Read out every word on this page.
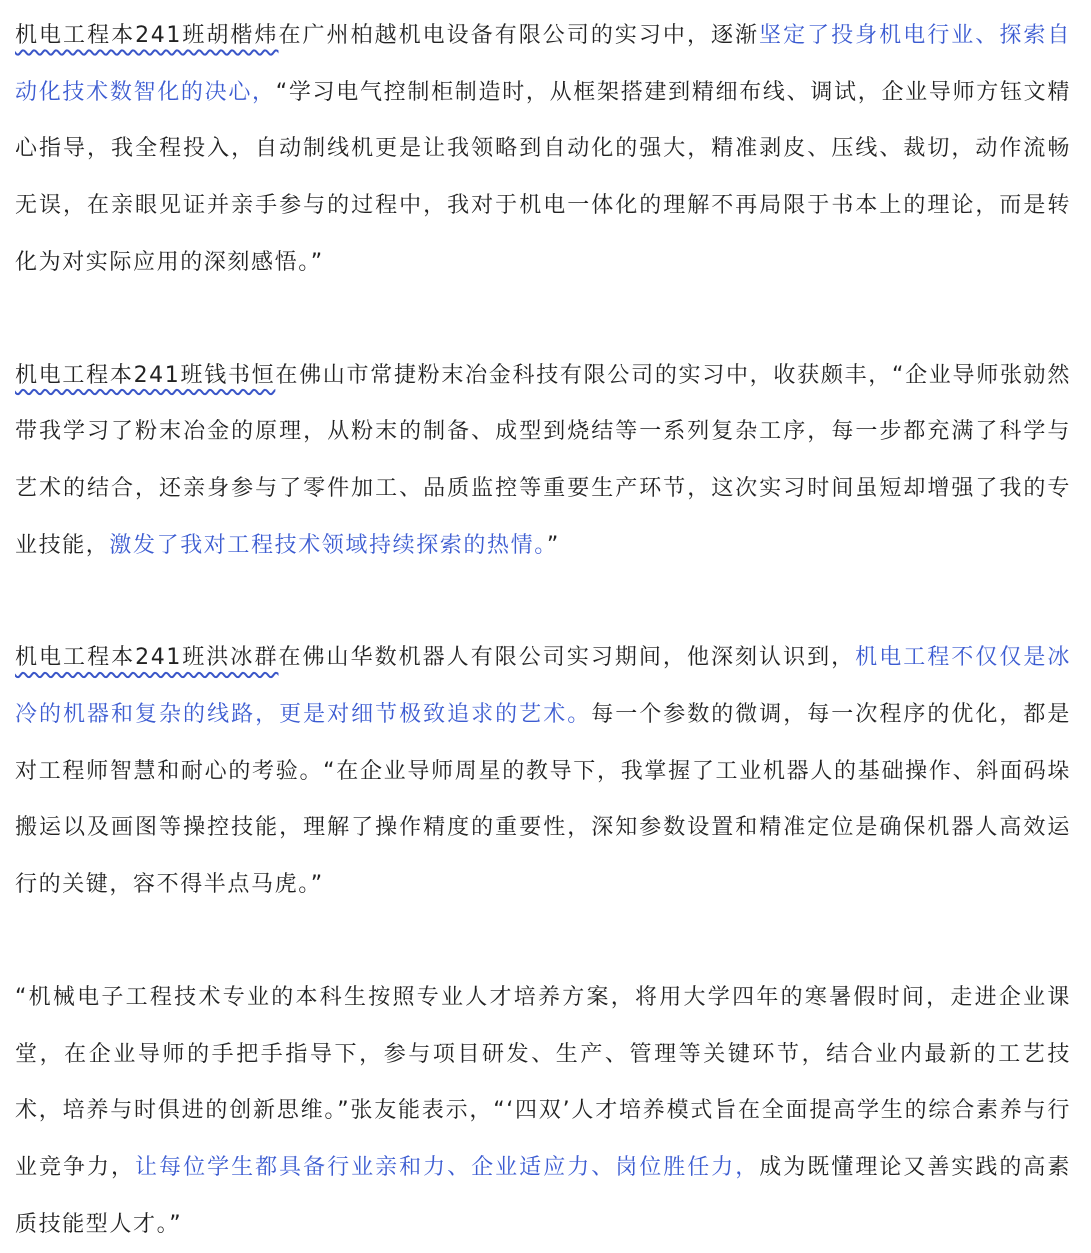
机电工程本241班胡楷炜在广州柏越机电设备有限公司的实习中，逐渐坚定了投身机电行业、探索自动化技术数智化的决心，“学习电气控制柜制造时，从框架搭建到精细布线、调试，企业导师方钰文精心指导，我全程投入，自动制线机更是让我领略到自动化的强大，精准剥皮、压线、裁切，动作流畅无误，在亲眼见证并亲手参与的过程中，我对于机电一体化的理解不再局限于书本上的理论，而是转化为对实际应用的深刻感悟。”

机电工程本241班钱书恒在佛山市常捷粉末冶金科技有限公司的实习中，收获颇丰，“企业导师张勍然带我学习了粉末冶金的原理，从粉末的制备、成型到烧结等一系列复杂工序，每一步都充满了科学与艺术的结合，还亲身参与了零件加工、品质监控等重要生产环节，这次实习时间虽短却增强了我的专业技能，激发了我对工程技术领域持续探索的热情。”

机电工程本241班洪冰群在佛山华数机器人有限公司实习期间，他深刻认识到，机电工程不仅仅是冰冷的机器和复杂的线路，更是对细节极致追求的艺术。每一个参数的微调，每一次程序的优化，都是对工程师智慧和耐心的考验。“在企业导师周星的教导下，我掌握了工业机器人的基础操作、斜面码垛搬运以及画图等操控技能，理解了操作精度的重要性，深知参数设置和精准定位是确保机器人高效运行的关键，容不得半点马虎。”

“机械电子工程技术专业的本科生按照专业人才培养方案，将用大学四年的寒暑假时间，走进企业课堂，在企业导师的手把手指导下，参与项目研发、生产、管理等关键环节，结合业内最新的工艺技术，培养与时俱进的创新思维。”张友能表示，“‘四双’人才培养模式旨在全面提高学生的综合素养与行业竞争力，让每位学生都具备行业亲和力、企业适应力、岗位胜任力，成为既懂理论又善实践的高素质技能型人才。”
